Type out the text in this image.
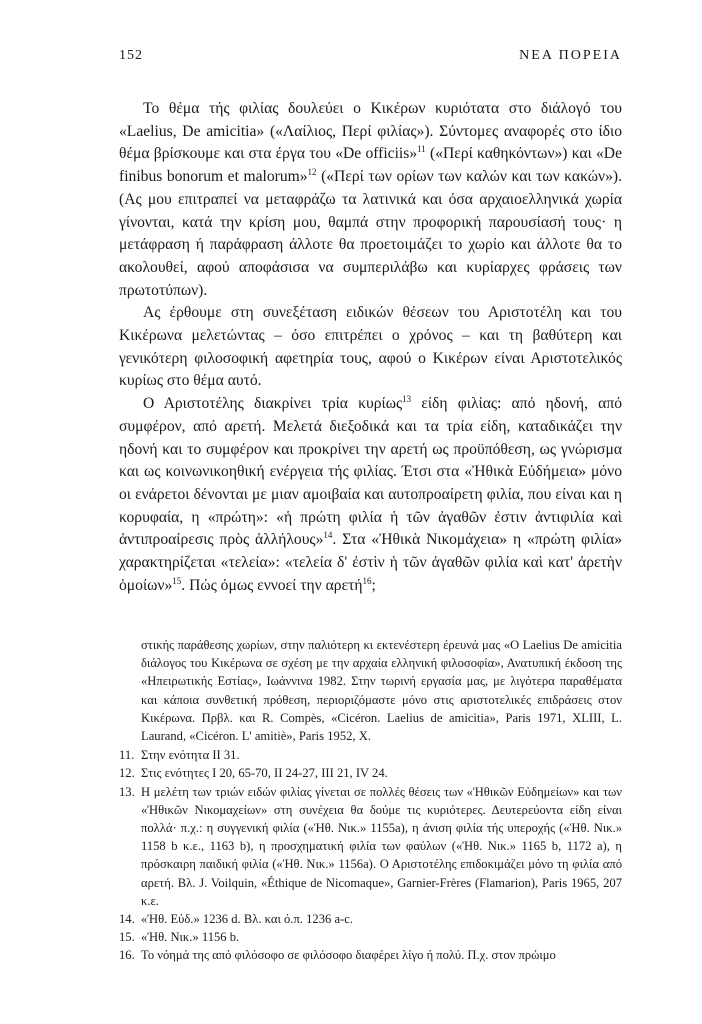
152	ΝΕΑ ΠΟΡΕΙΑ

Το θέμα τής φιλίας δουλεύει ο Κικέρων κυριότατα στο διάλογό του «Laelius, De amicitia» («Λαίλιος, Περί φιλίας»). Σύντομες αναφορές στο ίδιο θέμα βρίσκουμε και στα έργα του «De officiis»$^{11}$ («Περί καθηκόντων») και «De finibus bonorum et malorum»$^{12}$ («Περί των ορίων των καλών και των κακών»). (Ας μου επιτραπεί να μεταφράζω τα λατινικά και όσα αρχαιοελληνικά χωρία γίνονται, κατά την κρίση μου, θαμπά στην προφορική παρουσίασή τους· η μετάφραση ή παράφραση άλλοτε θα προετοιμάζει το χωρίο και άλλοτε θα το ακολουθεί, αφού αποφάσισα να συμπεριλάβω και κυρίαρχες φράσεις των πρωτοτύπων).

Ας έρθουμε στη συνεξέταση ειδικών θέσεων του Αριστοτέλη και του Κικέρωνα μελετώντας – όσο επιτρέπει ο χρόνος – και τη βαθύτερη και γενικότερη φιλοσοφική αφετηρία τους, αφού ο Κικέρων είναι Αριστοτελικός κυρίως στο θέμα αυτό.

Ο Αριστοτέλης διακρίνει τρία κυρίως$^{13}$ είδη φιλίας: από ηδονή, από συμφέρον, από αρετή. Μελετά διεξοδικά και τα τρία είδη, καταδικάζει την ηδονή και το συμφέρον και προκρίνει την αρετή ως προϋπόθεση, ως γνώρισμα και ως κοινωνικοηθική ενέργεια τής φιλίας. Έτσι στα «Ἠθικὰ Εὐδήμεια» μόνο οι ενάρετοι δένονται με μιαν αμοιβαία και αυτοπροαίρετη φιλία, που είναι και η κορυφαία, η «πρώτη»: «ἡ πρώτη φιλία ἡ τῶν ἀγαθῶν ἐστιν ἀντιφιλία καὶ ἀντιπροαίρεσις πρὸς ἀλλήλους»$^{14}$. Στα «Ἠθικὰ Νικομάχεια» η «πρώτη φιλία» χαρακτηρίζεται «τελεία»: «τελεία δ' ἐστὶν ἡ τῶν ἀγαθῶν φιλία καὶ κατ' ἀρετὴν ὁμοίων»$^{15}$. Πώς όμως εννοεί την αρετή$^{16}$;

στικής παράθεσης χωρίων, στην παλιότερη κι εκτενέστερη έρευνά μας «Ο Laelius De amicitia διάλογος του Κικέρωνα σε σχέση με την αρχαία ελληνική φιλοσοφία», Ανατυπική έκδοση της «Ηπειρωτικής Εστίας», Ιωάννινα 1982. Στην τωρινή εργασία μας, με λιγότερα παραθέματα και κάποια συνθετική πρόθεση, περιοριζόμαστε μόνο στις αριστοτελικές επιδράσεις στον Κικέρωνα. Πρβλ. και R. Compès, «Cicéron. Laelius de amicitia», Paris 1971, XLIII, L. Laurand, «Cicéron. L' amitiè», Paris 1952, X.

11. Στην ενότητα II 31.

12. Στις ενότητες I 20, 65-70, II 24-27, III 21, IV 24.

13. Η μελέτη των τριών ειδών φιλίας γίνεται σε πολλές θέσεις των «Ἠθικῶν Εὐδημείων» και των «Ἠθικῶν Νικομαχείων» στη συνέχεια θα δούμε τις κυριότερες. Δευτερεύοντα είδη είναι πολλά· π.χ.: η συγγενική φιλία («Ἠθ. Νικ.» 1155a), η άνιση φιλία τής υπεροχής («Ἠθ. Νικ.» 1158 b κ.ε., 1163 b), η προσχηματική φιλία των φαύλων («Ἠθ. Νικ.» 1165 b, 1172 a), η πρόσκαιρη παιδική φιλία («Ἠθ. Νικ.» 1156a). Ο Αριστοτέλης επιδοκιμάζει μόνο τη φιλία από αρετή. Βλ. J. Voilquin, «Éthique de Nicomaque», Garnier-Frères (Flamarion), Paris 1965, 207 κ.ε.

14. «Ἠθ. Εὐδ.» 1236 d. Βλ. και ό.π. 1236 a-c.

15. «Ἠθ. Νικ.» 1156 b.

16. Το νόημά της από φιλόσοφο σε φιλόσοφο διαφέρει λίγο ή πολύ. Π.χ. στον πρώιμο
